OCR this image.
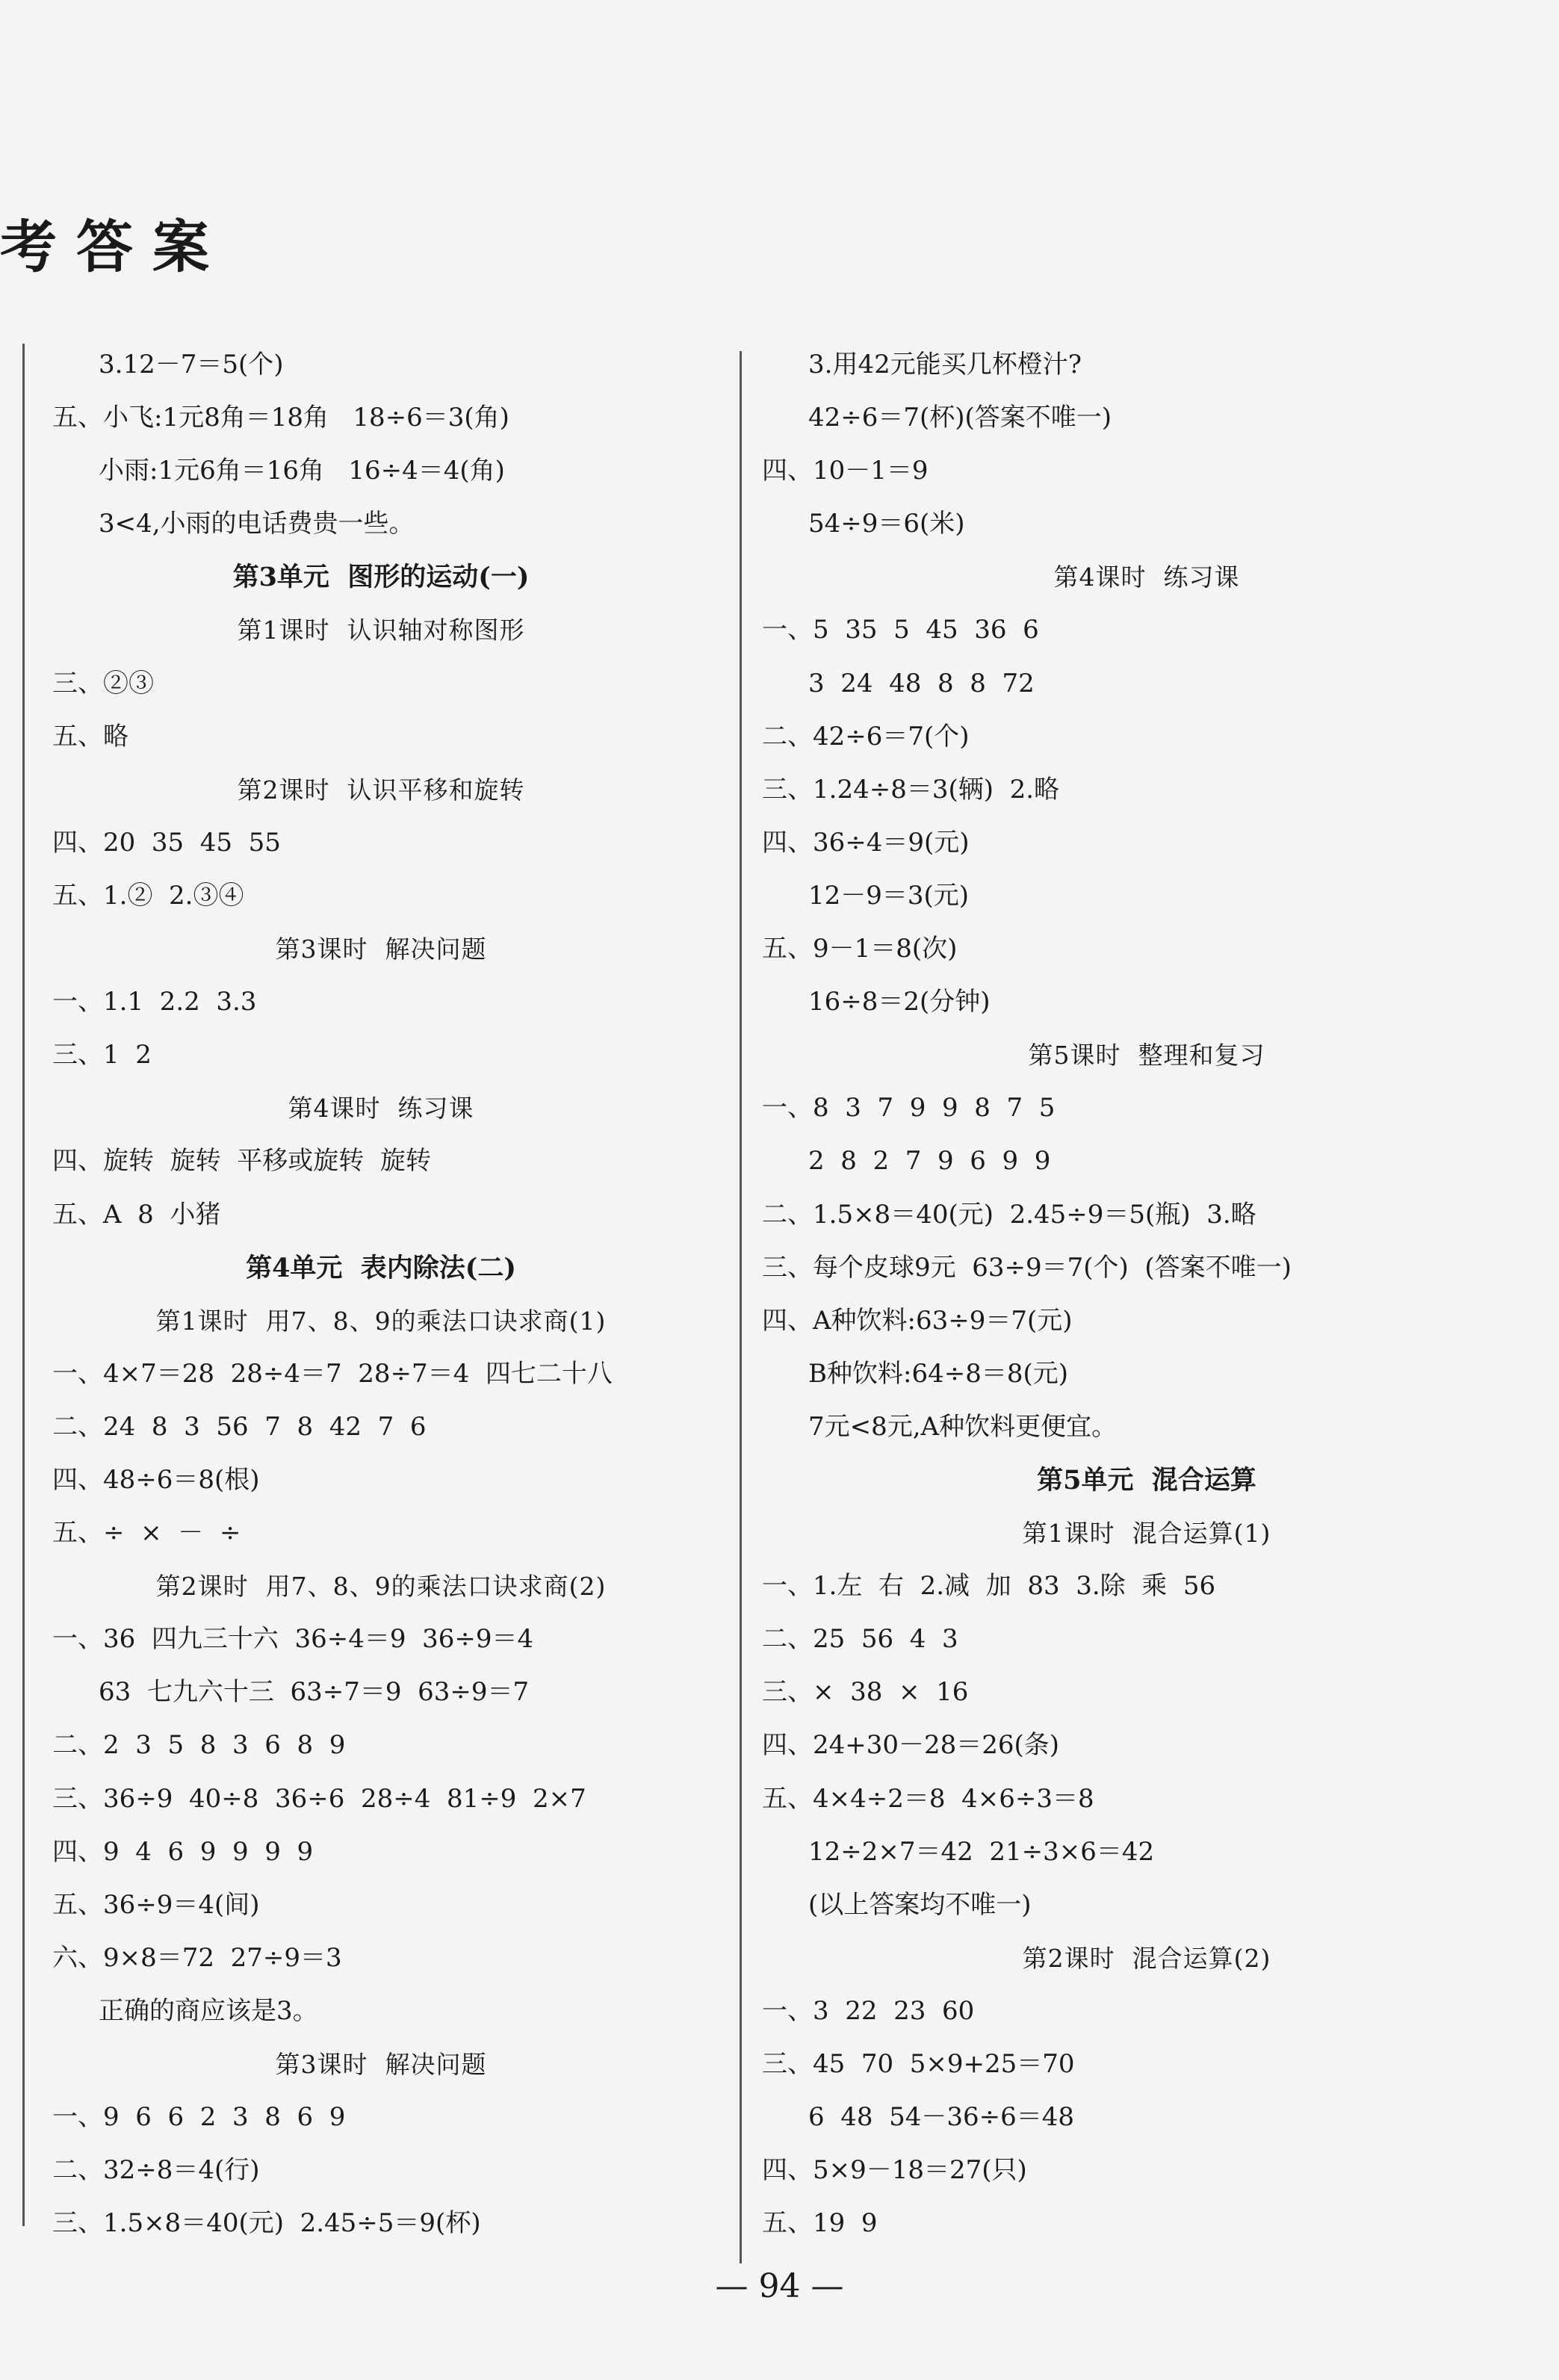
考答案
3.12－7＝5(个)
五、小飞:1元8角＝18角   18÷6＝3(角)
小雨:1元6角＝16角   16÷4＝4(角)
3<4,小雨的电话费贵一些。
第3单元  图形的运动(一)
第1课时  认识轴对称图形
三、②③
五、略
第2课时  认识平移和旋转
四、20  35  45  55
五、1.②  2.③④
第3课时  解决问题
一、1.1  2.2  3.3
三、1  2
第4课时  练习课
四、旋转  旋转  平移或旋转  旋转
五、A  8  小猪
第4单元  表内除法(二)
第1课时  用7、8、9的乘法口诀求商(1)
一、4×7＝28  28÷4＝7  28÷7＝4  四七二十八
二、24  8  3  56  7  8  42  7  6
四、48÷6＝8(根)
五、÷  ×  －  ÷
第2课时  用7、8、9的乘法口诀求商(2)
一、36  四九三十六  36÷4＝9  36÷9＝4
63  七九六十三  63÷7＝9  63÷9＝7
二、2  3  5  8  3  6  8  9
三、36÷9  40÷8  36÷6  28÷4  81÷9  2×7
四、9  4  6  9  9  9  9
五、36÷9＝4(间)
六、9×8＝72  27÷9＝3
正确的商应该是3。
第3课时  解决问题
一、9  6  6  2  3  8  6  9
二、32÷8＝4(行)
三、1.5×8＝40(元)  2.45÷5＝9(杯)
3.用42元能买几杯橙汁?
42÷6＝7(杯)(答案不唯一)
四、10－1＝9
54÷9＝6(米)
第4课时  练习课
一、5  35  5  45  36  6
3  24  48  8  8  72
二、42÷6＝7(个)
三、1.24÷8＝3(辆)  2.略
四、36÷4＝9(元)
12－9＝3(元)
五、9－1＝8(次)
16÷8＝2(分钟)
第5课时  整理和复习
一、8  3  7  9  9  8  7  5
2  8  2  7  9  6  9  9
二、1.5×8＝40(元)  2.45÷9＝5(瓶)  3.略
三、每个皮球9元  63÷9＝7(个)  (答案不唯一)
四、A种饮料:63÷9＝7(元)
B种饮料:64÷8＝8(元)
7元<8元,A种饮料更便宜。
第5单元  混合运算
第1课时  混合运算(1)
一、1.左  右  2.减  加  83  3.除  乘  56
二、25  56  4  3
三、×  38  ×  16
四、24+30－28＝26(条)
五、4×4÷2＝8  4×6÷3＝8
12÷2×7＝42  21÷3×6＝42
(以上答案均不唯一)
第2课时  混合运算(2)
一、3  22  23  60
三、45  70  5×9+25＝70
6  48  54－36÷6＝48
四、5×9－18＝27(只)
五、19  9
— 94 —
